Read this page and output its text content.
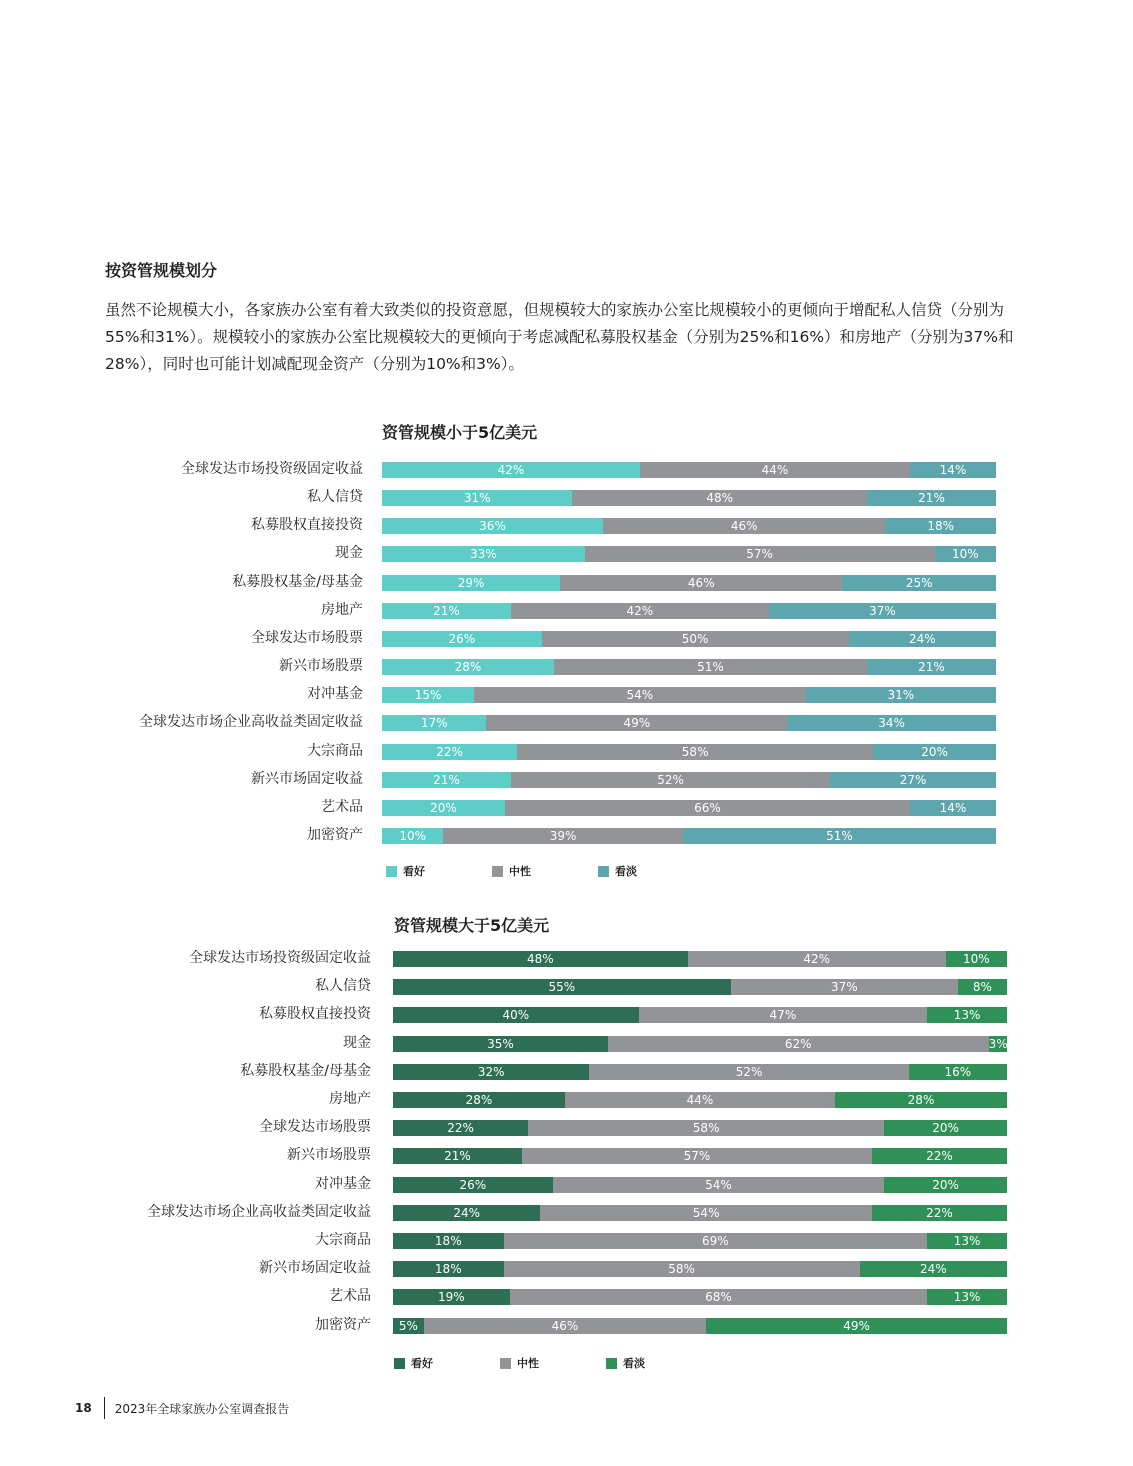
按资管规模划分

虽然不论规模大小，各家族办公室有着大致类似的投资意愿，但规模较大的家族办公室比规模较小的更倾向于增配私人信贷（分别为55%和31%）。规模较小的家族办公室比规模较大的更倾向于考虑减配私募股权基金（分别为25%和16%）和房地产（分别为37%和28%），同时也可能计划减配现金资产（分别为10%和3%）。

资管规模小于5亿美元
全球发达市场投资级固定收益	42%	44%	14%
私人信贷	31%	48%	21%
私募股权直接投资	36%	46%	18%
现金	33%	57%	10%
私募股权基金/母基金	29%	46%	25%
房地产	21%	42%	37%
全球发达市场股票	26%	50%	24%
新兴市场股票	28%	51%	21%
对冲基金	15%	54%	31%
全球发达市场企业高收益类固定收益	17%	49%	34%
大宗商品	22%	58%	20%
新兴市场固定收益	21%	52%	27%
艺术品	20%	66%	14%
加密资产	10%	39%	51%
看好	中性	看淡
资管规模大于5亿美元
全球发达市场投资级固定收益	48%	42%	10%
私人信贷	55%	37%	8%
私募股权直接投资	40%	47%	13%
现金	35%	62%	3%
私募股权基金/母基金	32%	52%	16%
房地产	28%	44%	28%
全球发达市场股票	22%	58%	20%
新兴市场股票	21%	57%	22%
对冲基金	26%	54%	20%
全球发达市场企业高收益类固定收益	24%	54%	22%
大宗商品	18%	69%	13%
新兴市场固定收益	18%	58%	24%
艺术品	19%	68%	13%
加密资产	5%	46%	49%
看好	中性	看淡
18 2023年全球家族办公室调查报告
